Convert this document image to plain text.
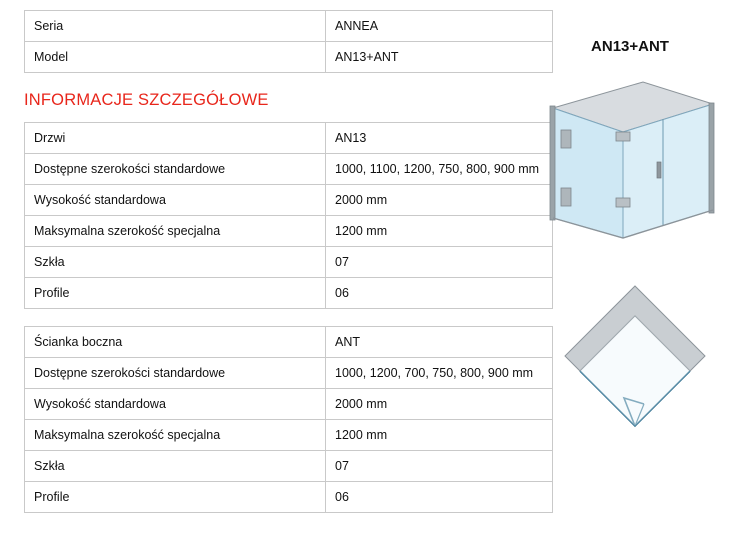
Seria	ANNEA
Model	AN13+ANT
INFORMACJE SZCZEGÓŁOWE
Drzwi	AN13
Dostępne szerokości standardowe	1000, 1100, 1200, 750, 800, 900 mm
Wysokość standardowa	2000 mm
Maksymalna szerokość specjalna	1200 mm
Szkła	07
Profile	06
Ścianka boczna	ANT
Dostępne szerokości standardowe	1000, 1200, 700, 750, 800, 900 mm
Wysokość standardowa	2000 mm
Maksymalna szerokość specjalna	1200 mm
Szkła	07
Profile	06
AN13+ANT
